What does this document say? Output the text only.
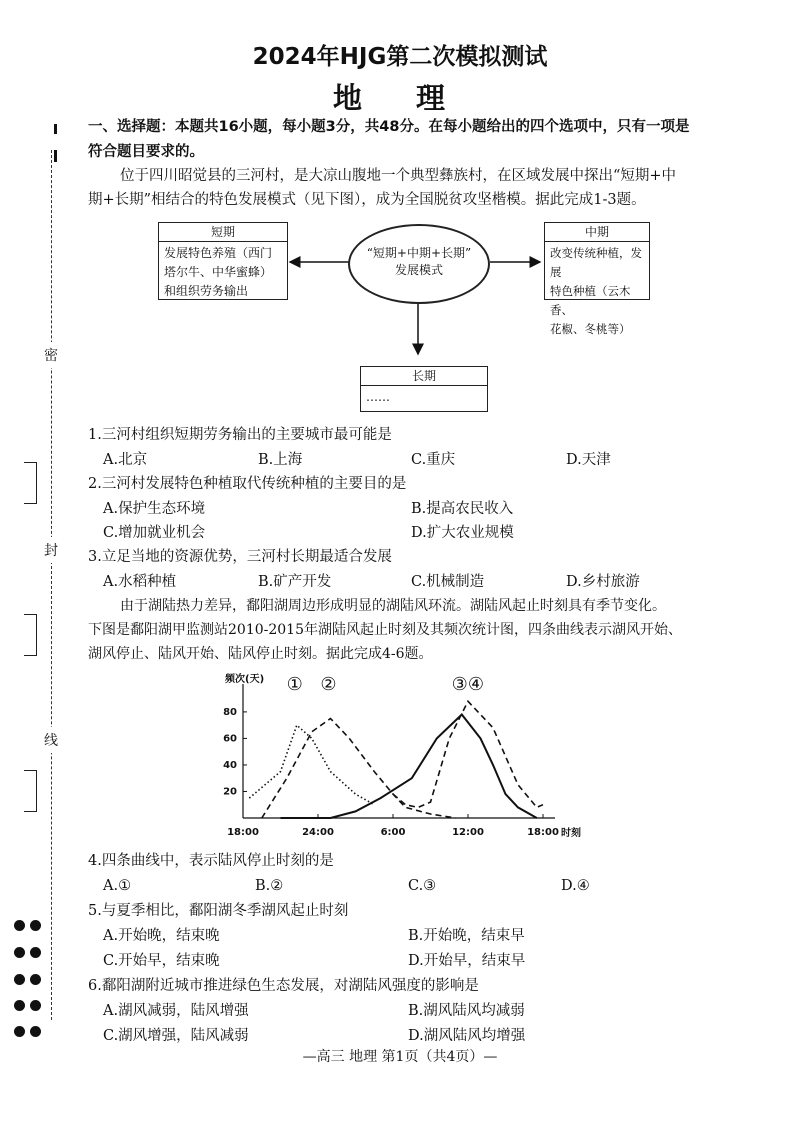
2024年HJG第二次模拟测试
地 理
密
封
线
一、选择题：本题共16小题，每小题3分，共48分。在每小题给出的四个选项中，只有一项是
符合题目要求的。
位于四川昭觉县的三河村，是大凉山腹地一个典型彝族村，在区域发展中探出“短期+中
期+长期”相结合的特色发展模式（见下图），成为全国脱贫攻坚楷模。据此完成1-3题。
短期
发展特色养殖（西门
塔尔牛、中华蜜蜂）
和组织劳务输出
“短期+中期+长期”
发展模式
中期
改变传统种植，发展
特色种植（云木香、
花椒、冬桃等）
长期
……
1.三河村组织短期劳务输出的主要城市最可能是
A.北京	B.上海	C.重庆	D.天津
2.三河村发展特色种植取代传统种植的主要目的是
A.保护生态环境	B.提高农民收入
C.增加就业机会	D.扩大农业规模
3.立足当地的资源优势，三河村长期最适合发展
A.水稻种植	B.矿产开发	C.机械制造	D.乡村旅游
由于湖陆热力差异，鄱阳湖周边形成明显的湖陆风环流。湖陆风起止时刻具有季节变化。
下图是鄱阳湖甲监测站2010-2015年湖陆风起止时刻及其频次统计图，四条曲线表示湖风开始、
湖风停止、陆风开始、陆风停止时刻。据此完成4-6题。
频次(天)
时刻
20
40
60
80
18:00	24:00	6:00	12:00	18:00
① ②	③ ④
4.四条曲线中，表示陆风停止时刻的是
A.①	B.②	C.③	D.④
5.与夏季相比，鄱阳湖冬季湖风起止时刻
A.开始晚，结束晚	B.开始晚，结束早
C.开始早，结束晚	D.开始早，结束早
6.鄱阳湖附近城市推进绿色生态发展，对湖陆风强度的影响是
A.湖风减弱，陆风增强	B.湖风陆风均减弱
C.湖风增强，陆风减弱	D.湖风陆风均增强
—高三 地理 第1页（共4页）—
